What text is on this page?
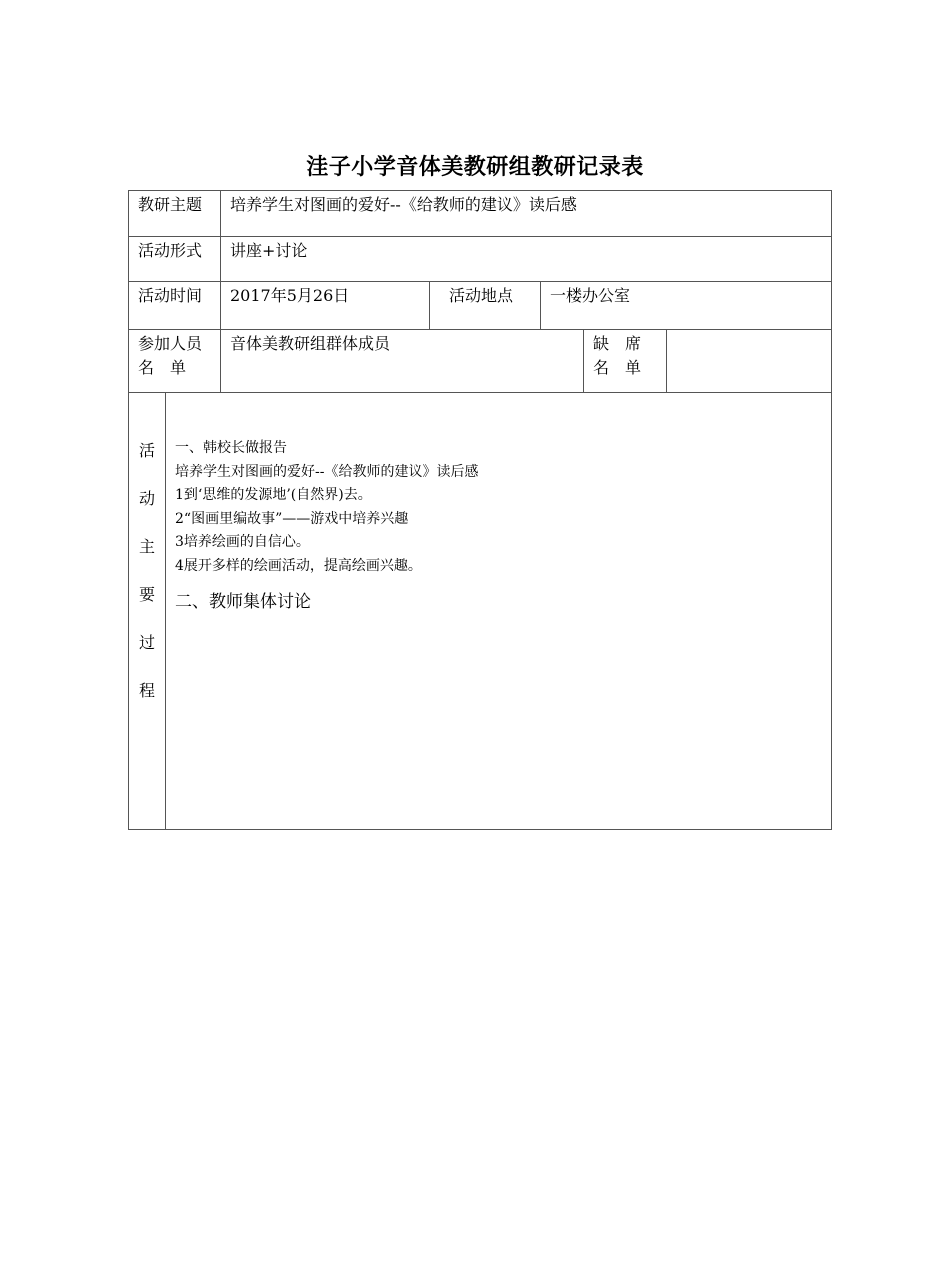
洼子小学音体美教研组教研记录表
教研主题 培养学生对图画的爱好--《给教师的建议》读后感
活动形式 讲座+讨论
活动时间 2017年5月26日	活动地点 一楼办公室
参加人员
名　单
音体美教研组群体成员	缺　席
名　单
活
动
主
要
过
程
一、韩校长做报告
培养学生对图画的爱好--《给教师的建议》读后感
1到‘思维的发源地’(自然界)去。
2“图画里编故事”——游戏中培养兴趣
3培养绘画的自信心。
4展开多样的绘画活动，提高绘画兴趣。
二、教师集体讨论
